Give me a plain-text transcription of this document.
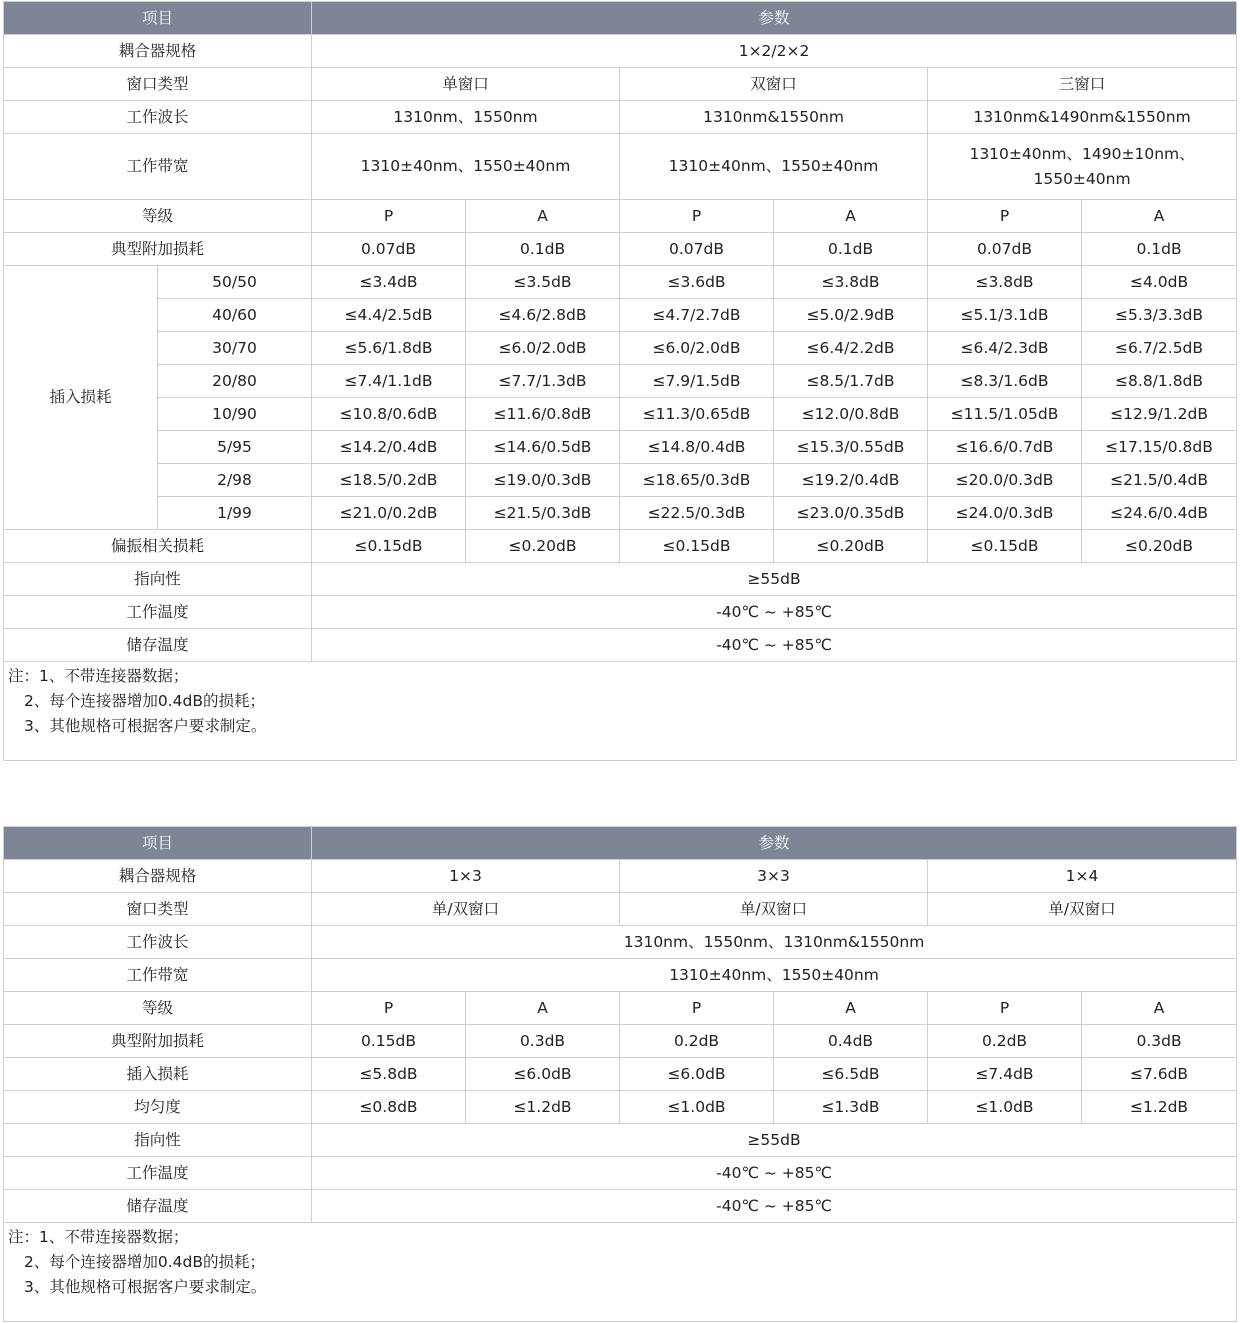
项目		参数					
耦合器规格		1×2/2×2					
窗口类型		单窗口		双窗口		三窗口	
工作波长		1310nm、1550nm		1310nm&1550nm		1310nm&1490nm&1550nm	
工作带宽		1310±40nm、1550±40nm		1310±40nm、1550±40nm		1310±40nm、1490±10nm、1550±40nm	
等级		P	A	P	A	P	A
典型附加损耗		0.07dB	0.1dB	0.07dB	0.1dB	0.07dB	0.1dB
插入损耗	50/50	≤3.4dB	≤3.5dB	≤3.6dB	≤3.8dB	≤3.8dB	≤4.0dB
	40/60	≤4.4/2.5dB	≤4.6/2.8dB	≤4.7/2.7dB	≤5.0/2.9dB	≤5.1/3.1dB	≤5.3/3.3dB
	30/70	≤5.6/1.8dB	≤6.0/2.0dB	≤6.0/2.0dB	≤6.4/2.2dB	≤6.4/2.3dB	≤6.7/2.5dB
	20/80	≤7.4/1.1dB	≤7.7/1.3dB	≤7.9/1.5dB	≤8.5/1.7dB	≤8.3/1.6dB	≤8.8/1.8dB
	10/90	≤10.8/0.6dB	≤11.6/0.8dB	≤11.3/0.65dB	≤12.0/0.8dB	≤11.5/1.05dB	≤12.9/1.2dB
	5/95	≤14.2/0.4dB	≤14.6/0.5dB	≤14.8/0.4dB	≤15.3/0.55dB	≤16.6/0.7dB	≤17.15/0.8dB
	2/98	≤18.5/0.2dB	≤19.0/0.3dB	≤18.65/0.3dB	≤19.2/0.4dB	≤20.0/0.3dB	≤21.5/0.4dB
	1/99	≤21.0/0.2dB	≤21.5/0.3dB	≤22.5/0.3dB	≤23.0/0.35dB	≤24.0/0.3dB	≤24.6/0.4dB
偏振相关损耗		≤0.15dB	≤0.20dB	≤0.15dB	≤0.20dB	≤0.15dB	≤0.20dB
指向性		≥55dB					
工作温度		-40℃ ~ +85℃					
储存温度		-40℃ ~ +85℃					

注：1、不带连接器数据；
2、每个连接器增加0.4dB的损耗；
3、其他规格可根据客户要求制定。							
项目	参数					
耦合器规格	1×3		3×3		1×4	
窗口类型	单/双窗口		单/双窗口		单/双窗口	
工作波长	1310nm、1550nm、1310nm&1550nm					
工作带宽	1310±40nm、1550±40nm					
等级	P	A	P	A	P	A
典型附加损耗	0.15dB	0.3dB	0.2dB	0.4dB	0.2dB	0.3dB
插入损耗	≤5.8dB	≤6.0dB	≤6.0dB	≤6.5dB	≤7.4dB	≤7.6dB
均匀度	≤0.8dB	≤1.2dB	≤1.0dB	≤1.3dB	≤1.0dB	≤1.2dB
指向性	≥55dB					
工作温度	-40℃ ~ +85℃					
储存温度	-40℃ ~ +85℃					

注：1、不带连接器数据；
2、每个连接器增加0.4dB的损耗；
3、其他规格可根据客户要求制定。						
